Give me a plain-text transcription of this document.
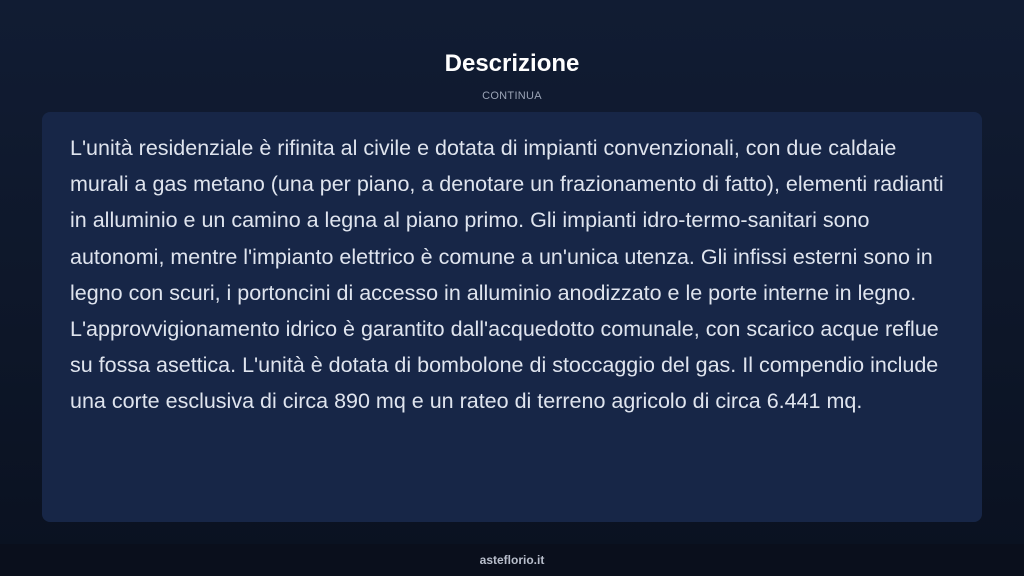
Descrizione
CONTINUA

L'unità residenziale è rifinita al civile e dotata di impianti convenzionali, con due caldaie murali a gas metano (una per piano, a denotare un frazionamento di fatto), elementi radianti in alluminio e un camino a legna al piano primo. Gli impianti idro-termo-sanitari sono autonomi, mentre l'impianto elettrico è comune a un'unica utenza. Gli infissi esterni sono in legno con scuri, i portoncini di accesso in alluminio anodizzato e le porte interne in legno. L'approvvigionamento idrico è garantito dall'acquedotto comunale, con scarico acque reflue su fossa asettica. L'unità è dotata di bombolone di stoccaggio del gas. Il compendio include una corte esclusiva di circa 890 mq e un rateo di terreno agricolo di circa 6.441 mq.

asteflorio.it
